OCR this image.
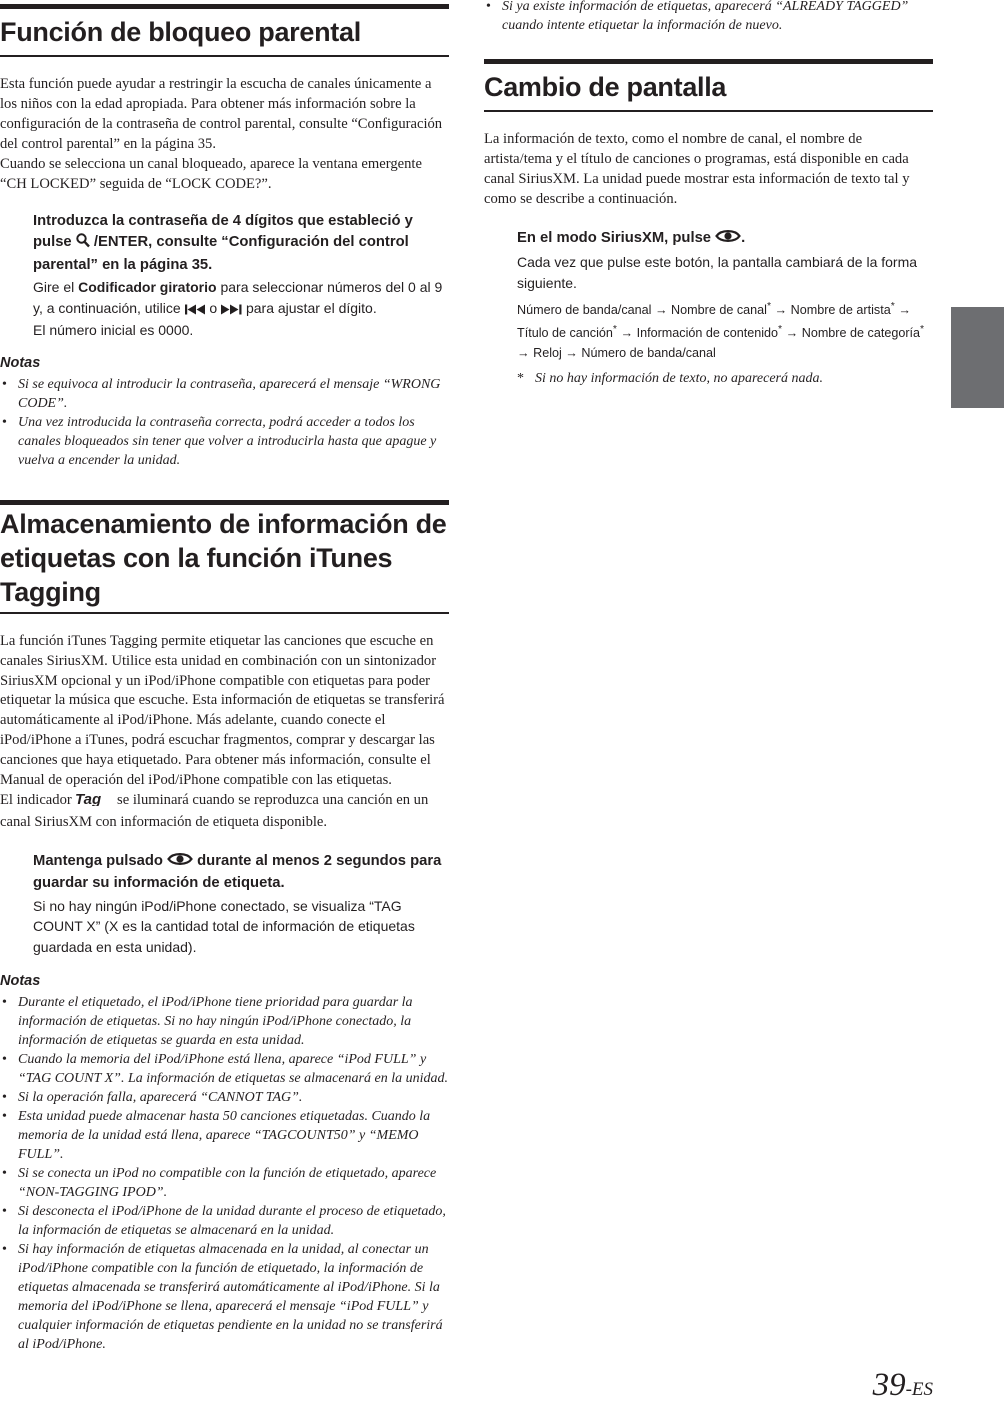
Función de bloqueo parental

Esta función puede ayudar a restringir la escucha de canales únicamente a los niños con la edad apropiada. Para obtener más información sobre la configuración de la contraseña de control parental, consulte “Configuración del control parental” en la página 35.

Cuando se selecciona un canal bloqueado, aparece la ventana emergente “CH LOCKED” seguida de “LOCK CODE?”.

Introduzca la contraseña de 4 dígitos que estableció y pulse  /ENTER, consulte “Configuración del control parental” en la página 35.
Gire el Codificador giratorio para seleccionar números del 0 al 9 y, a continuación, utilice  o  para ajustar el dígito.
El número inicial es 0000.
Notas
• Si se equivoca al introducir la contraseña, aparecerá el mensaje “WRONG CODE”.
• Una vez introducida la contraseña correcta, podrá acceder a todos los canales bloqueados sin tener que volver a introducirla hasta que apague y vuelva a encender la unidad.
Almacenamiento de información de
etiquetas con la función iTunes Tagging

La función iTunes Tagging permite etiquetar las canciones que escuche en canales SiriusXM. Utilice esta unidad en combinación con un sintonizador SiriusXM opcional y un iPod/iPhone compatible con etiquetas para poder etiquetar la música que escuche. Esta información de etiquetas se transferirá automáticamente al iPod/iPhone. Más adelante, cuando conecte el iPod/iPhone a iTunes, podrá escuchar fragmentos, comprar y descargar las canciones que haya etiquetado. Para obtener más información, consulte el Manual de operación del iPod/iPhone compatible con las etiquetas.

El indicador Tag se iluminará cuando se reproduzca una canción en un canal SiriusXM con información de etiqueta disponible.

Mantenga pulsado  durante al menos 2 segundos para guardar su información de etiqueta.
Si no hay ningún iPod/iPhone conectado, se visualiza “TAG COUNT X” (X es la cantidad total de información de etiquetas guardada en esta unidad).
Notas
• Durante el etiquetado, el iPod/iPhone tiene prioridad para guardar la información de etiquetas. Si no hay ningún iPod/iPhone conectado, la información de etiquetas se guarda en esta unidad.
• Cuando la memoria del iPod/iPhone está llena, aparece “iPod FULL” y “TAG COUNT X”. La información de etiquetas se almacenará en la unidad.
• Si la operación falla, aparecerá “CANNOT TAG”.
• Esta unidad puede almacenar hasta 50 canciones etiquetadas. Cuando la memoria de la unidad está llena, aparece “TAGCOUNT50” y “MEMO FULL”.
• Si se conecta un iPod no compatible con la función de etiquetado, aparece “NON-TAGGING IPOD”.
• Si desconecta el iPod/iPhone de la unidad durante el proceso de etiquetado, la información de etiquetas se almacenará en la unidad.
• Si hay información de etiquetas almacenada en la unidad, al conectar un iPod/iPhone compatible con la función de etiquetado, la información de etiquetas almacenada se transferirá automáticamente al iPod/iPhone. Si la memoria del iPod/iPhone se llena, aparecerá el mensaje “iPod FULL” y cualquier información de etiquetas pendiente en la unidad no se transferirá al iPod/iPhone.
• Si ya existe información de etiquetas, aparecerá “ALREADY TAGGED” cuando intente etiquetar la información de nuevo.
Cambio de pantalla

La información de texto, como el nombre de canal, el nombre de artista/tema y el título de canciones o programas, está disponible en cada canal SiriusXM. La unidad puede mostrar esta información de texto tal y como se describe a continuación.

En el modo SiriusXM, pulse .
Cada vez que pulse este botón, la pantalla cambiará de la forma siguiente.
Número de banda/canal → Nombre de canal* → Nombre de artista* → Título de canción* → Información de contenido* → Nombre de categoría* → Reloj → Número de banda/canal
* Si no hay información de texto, no aparecerá nada.
39-ES
